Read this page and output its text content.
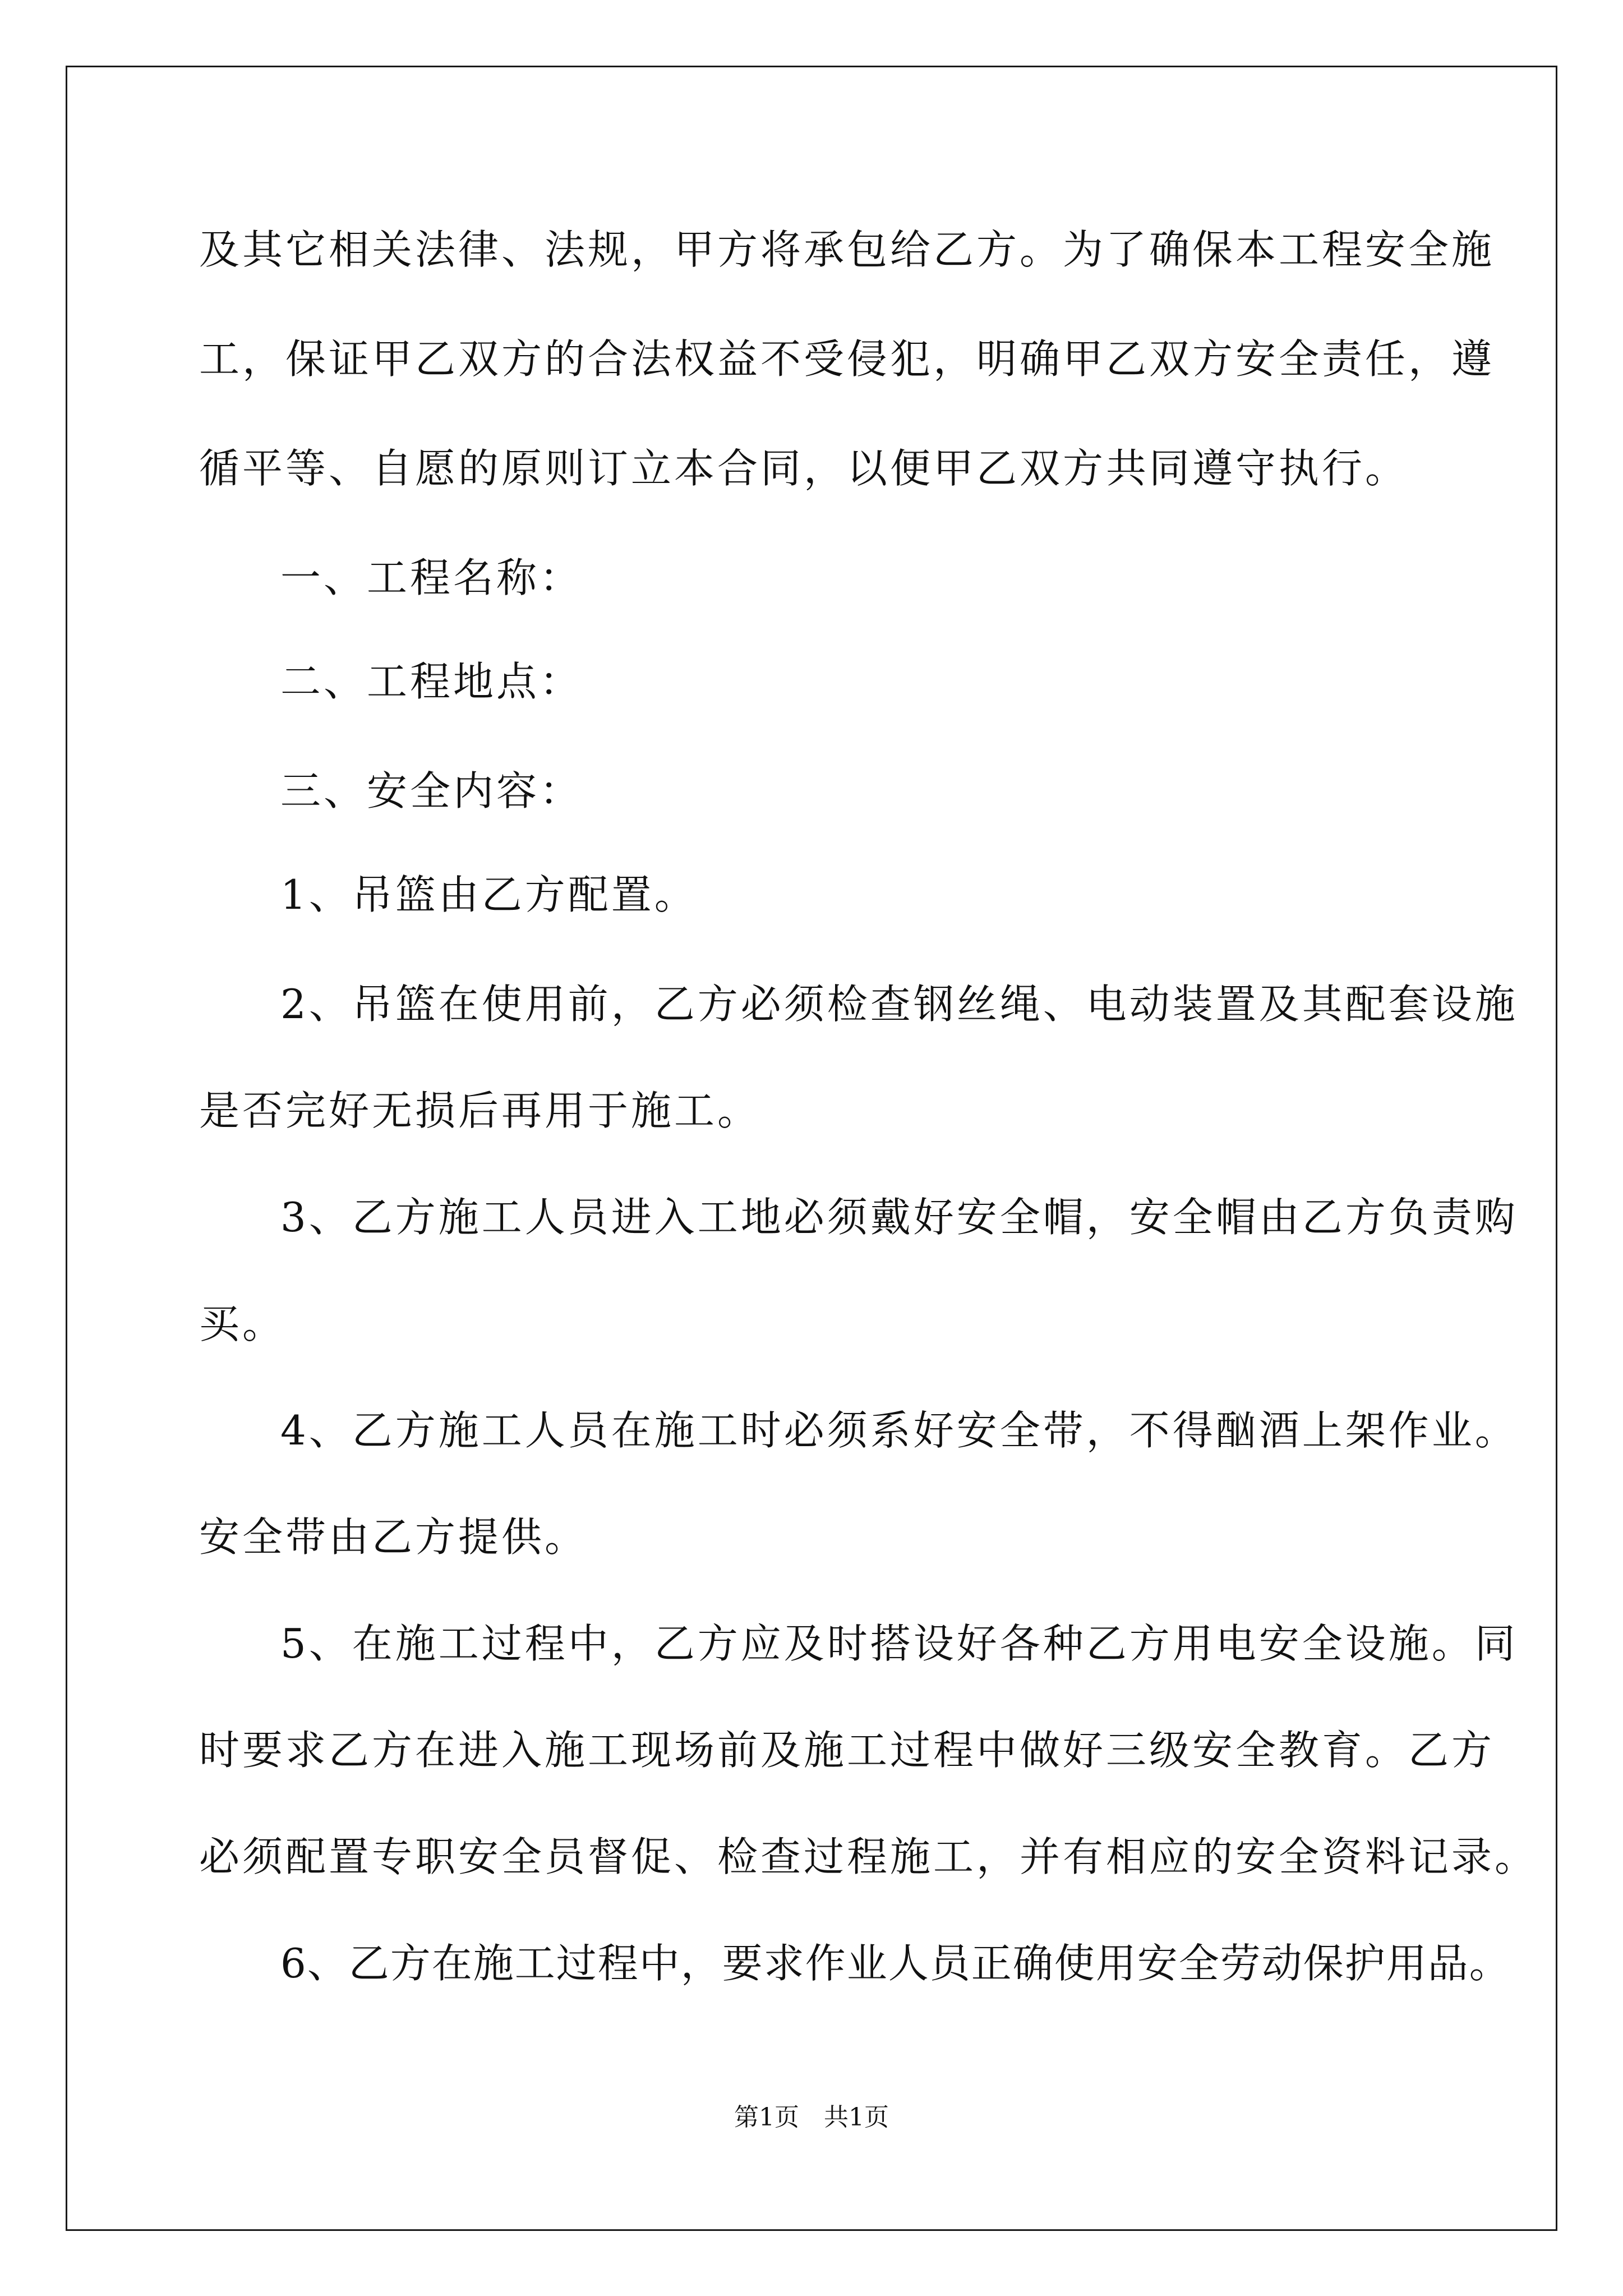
及其它相关法律、法规，甲方将承包给乙方。为了确保本工程安全施
工，保证甲乙双方的合法权益不受侵犯，明确甲乙双方安全责任，遵
循平等、自愿的原则订立本合同，以便甲乙双方共同遵守执行。
一、工程名称：
二、工程地点：
三、安全内容：
1、吊篮由乙方配置。
2、吊篮在使用前，乙方必须检查钢丝绳、电动装置及其配套设施
是否完好无损后再用于施工。
3、乙方施工人员进入工地必须戴好安全帽，安全帽由乙方负责购
买。
4、乙方施工人员在施工时必须系好安全带，不得酗酒上架作业。
安全带由乙方提供。
5、在施工过程中，乙方应及时搭设好各种乙方用电安全设施。同
时要求乙方在进入施工现场前及施工过程中做好三级安全教育。乙方
必须配置专职安全员督促、检查过程施工，并有相应的安全资料记录。
6、乙方在施工过程中，要求作业人员正确使用安全劳动保护用品。
第1页　共1页
